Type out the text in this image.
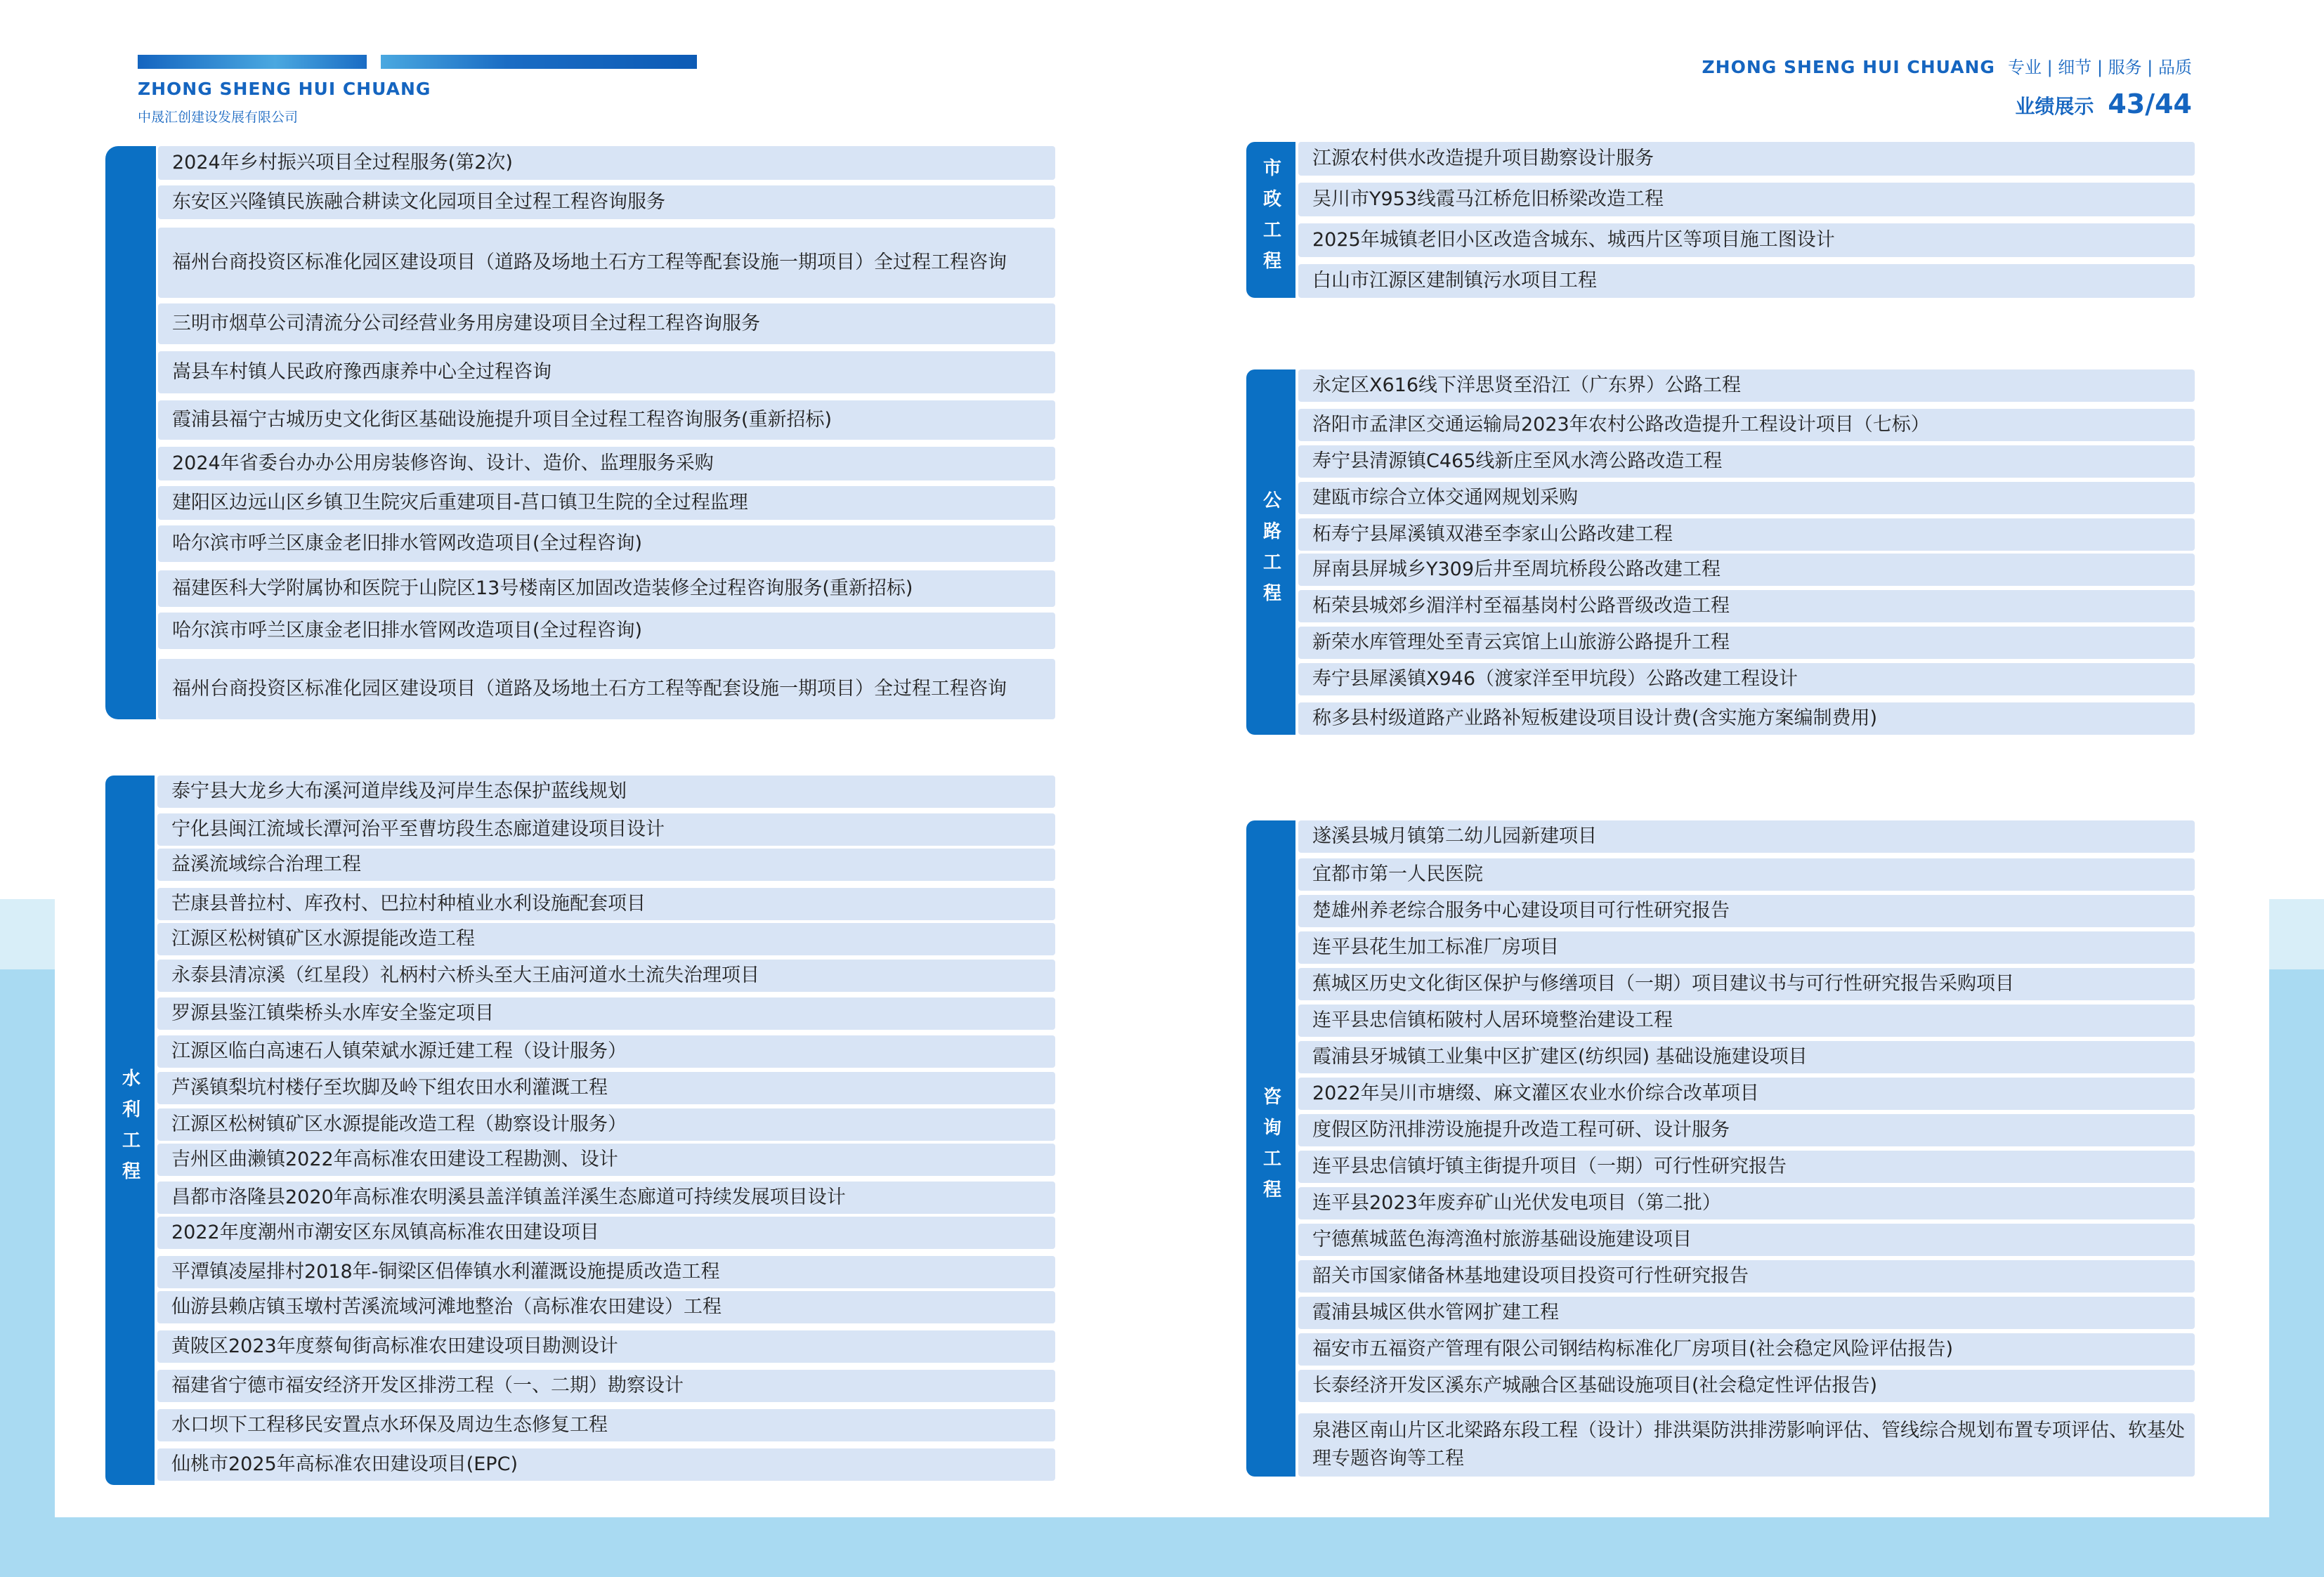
ZHONG SHENG HUI CHUANG
中晟汇创建设发展有限公司
ZHONG SHENG HUI CHUANG 专业 | 细节 | 服务 | 品质
业绩展示 43/44
2024年乡村振兴项目全过程服务(第2次)
东安区兴隆镇民族融合耕读文化园项目全过程工程咨询服务
福州台商投资区标准化园区建设项目（道路及场地土石方工程等配套设施一期项目）全过程工程咨询
三明市烟草公司清流分公司经营业务用房建设项目全过程工程咨询服务
嵩县车村镇人民政府豫西康养中心全过程咨询
霞浦县福宁古城历史文化街区基础设施提升项目全过程工程咨询服务(重新招标)
2024年省委台办办公用房装修咨询、设计、造价、监理服务采购
建阳区边远山区乡镇卫生院灾后重建项目-莒口镇卫生院的全过程监理
哈尔滨市呼兰区康金老旧排水管网改造项目(全过程咨询)
福建医科大学附属协和医院于山院区13号楼南区加固改造装修全过程咨询服务(重新招标)
哈尔滨市呼兰区康金老旧排水管网改造项目(全过程咨询)
福州台商投资区标准化园区建设项目（道路及场地土石方工程等配套设施一期项目）全过程工程咨询
水利工程
泰宁县大龙乡大布溪河道岸线及河岸生态保护蓝线规划
宁化县闽江流域长潭河治平至曹坊段生态廊道建设项目设计
益溪流域综合治理工程
芒康县普拉村、库孜村、巴拉村种植业水利设施配套项目
江源区松树镇矿区水源提能改造工程
永泰县清凉溪（红星段）礼柄村六桥头至大王庙河道水土流失治理项目
罗源县鉴江镇柴桥头水库安全鉴定项目
江源区临白高速石人镇荣斌水源迁建工程（设计服务）
芦溪镇梨坑村楼仔至坎脚及岭下组农田水利灌溉工程
江源区松树镇矿区水源提能改造工程（勘察设计服务）
吉州区曲濑镇2022年高标准农田建设工程勘测、设计
昌都市洛隆县2020年高标准农明溪县盖洋镇盖洋溪生态廊道可持续发展项目设计
2022年度潮州市潮安区东凤镇高标准农田建设项目
平潭镇凌屋排村2018年-铜梁区侣俸镇水利灌溉设施提质改造工程
仙游县赖店镇玉墩村苦溪流域河滩地整治（高标准农田建设）工程
黄陂区2023年度蔡甸街高标准农田建设项目勘测设计
福建省宁德市福安经济开发区排涝工程（一、二期）勘察设计
水口坝下工程移民安置点水环保及周边生态修复工程
仙桃市2025年高标准农田建设项目(EPC)
市政工程 江源农村供水改造提升项目勘察设计服务
吴川市Y953线霞马江桥危旧桥梁改造工程
2025年城镇老旧小区改造含城东、城西片区等项目施工图设计
白山市江源区建制镇污水项目工程
公路工程
永定区X616线下洋思贤至沿江（广东界）公路工程
洛阳市孟津区交通运输局2023年农村公路改造提升工程设计项目（七标）
寿宁县清源镇C465线新庄至风水湾公路改造工程
建瓯市综合立体交通网规划采购
柘寿宁县犀溪镇双港至李家山公路改建工程
屏南县屏城乡Y309后井至周坑桥段公路改建工程
柘荣县城郊乡湄洋村至福基岗村公路晋级改造工程
新荣水库管理处至青云宾馆上山旅游公路提升工程
寿宁县犀溪镇X946（渡家洋至甲坑段）公路改建工程设计
称多县村级道路产业路补短板建设项目设计费(含实施方案编制费用)
咨询工程
遂溪县城月镇第二幼儿园新建项目
宜都市第一人民医院
楚雄州养老综合服务中心建设项目可行性研究报告
连平县花生加工标准厂房项目
蕉城区历史文化街区保护与修缮项目（一期）项目建议书与可行性研究报告采购项目
连平县忠信镇柘陂村人居环境整治建设工程
霞浦县牙城镇工业集中区扩建区(纺织园) 基础设施建设项目
2022年吴川市塘缀、麻文灌区农业水价综合改革项目
度假区防汛排涝设施提升改造工程可研、设计服务
连平县忠信镇圩镇主街提升项目（一期）可行性研究报告
连平县2023年废弃矿山光伏发电项目（第二批）
宁德蕉城蓝色海湾渔村旅游基础设施建设项目
韶关市国家储备林基地建设项目投资可行性研究报告
霞浦县城区供水管网扩建工程
福安市五福资产管理有限公司钢结构标准化厂房项目(社会稳定风险评估报告)
长泰经济开发区溪东产城融合区基础设施项目(社会稳定性评估报告)
泉港区南山片区北梁路东段工程（设计）排洪渠防洪排涝影响评估、管线综合规划布置专项评估、软基处理专题咨询等工程
